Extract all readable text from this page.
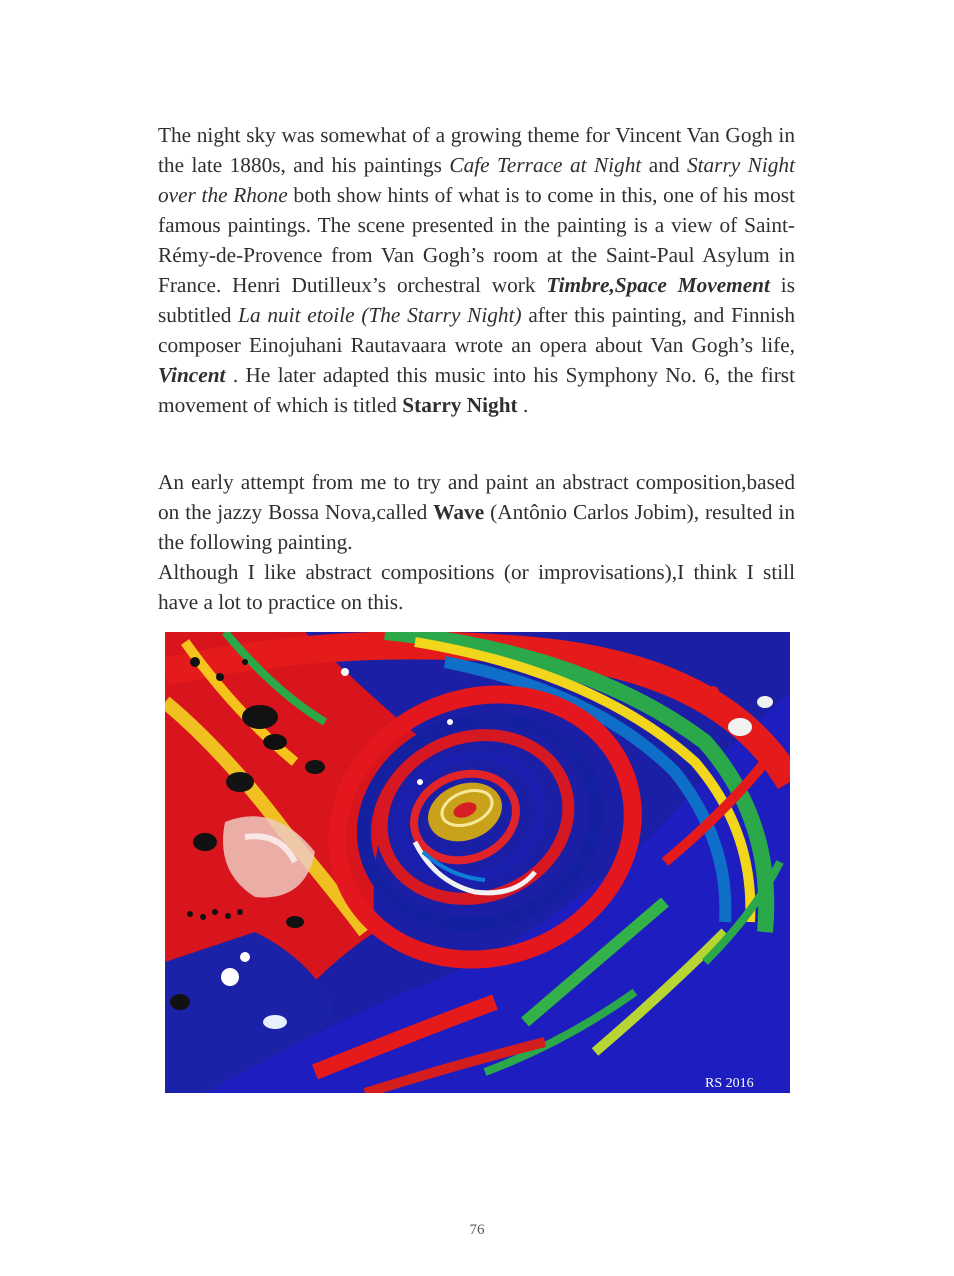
The night sky was somewhat of a growing theme for Vincent Van Gogh in the late 1880s, and his paintings Cafe Terrace at Night and Starry Night over the Rhone both show hints of what is to come in this, one of his most famous paintings. The scene presented in the painting is a view of Saint-Rémy-de-Provence from Van Gogh’s room at the Saint-Paul Asylum in France. Henri Dutilleux’s orchestral work Timbre,Space Movement is subtitled La nuit etoile (The Starry Night) after this painting, and Finnish composer Einojuhani Rautavaara wrote an opera about Van Gogh’s life, Vincent . He later adapted this music into his Symphony No. 6, the first movement of which is titled Starry Night .

An early attempt from me to try and paint an abstract composition,based on the jazzy Bossa Nova,called Wave (Antônio Carlos Jobim), resulted in the following painting.

Although I like abstract compositions (or improvisations),I think I still have a lot to practice on this.

RS 2016
76
